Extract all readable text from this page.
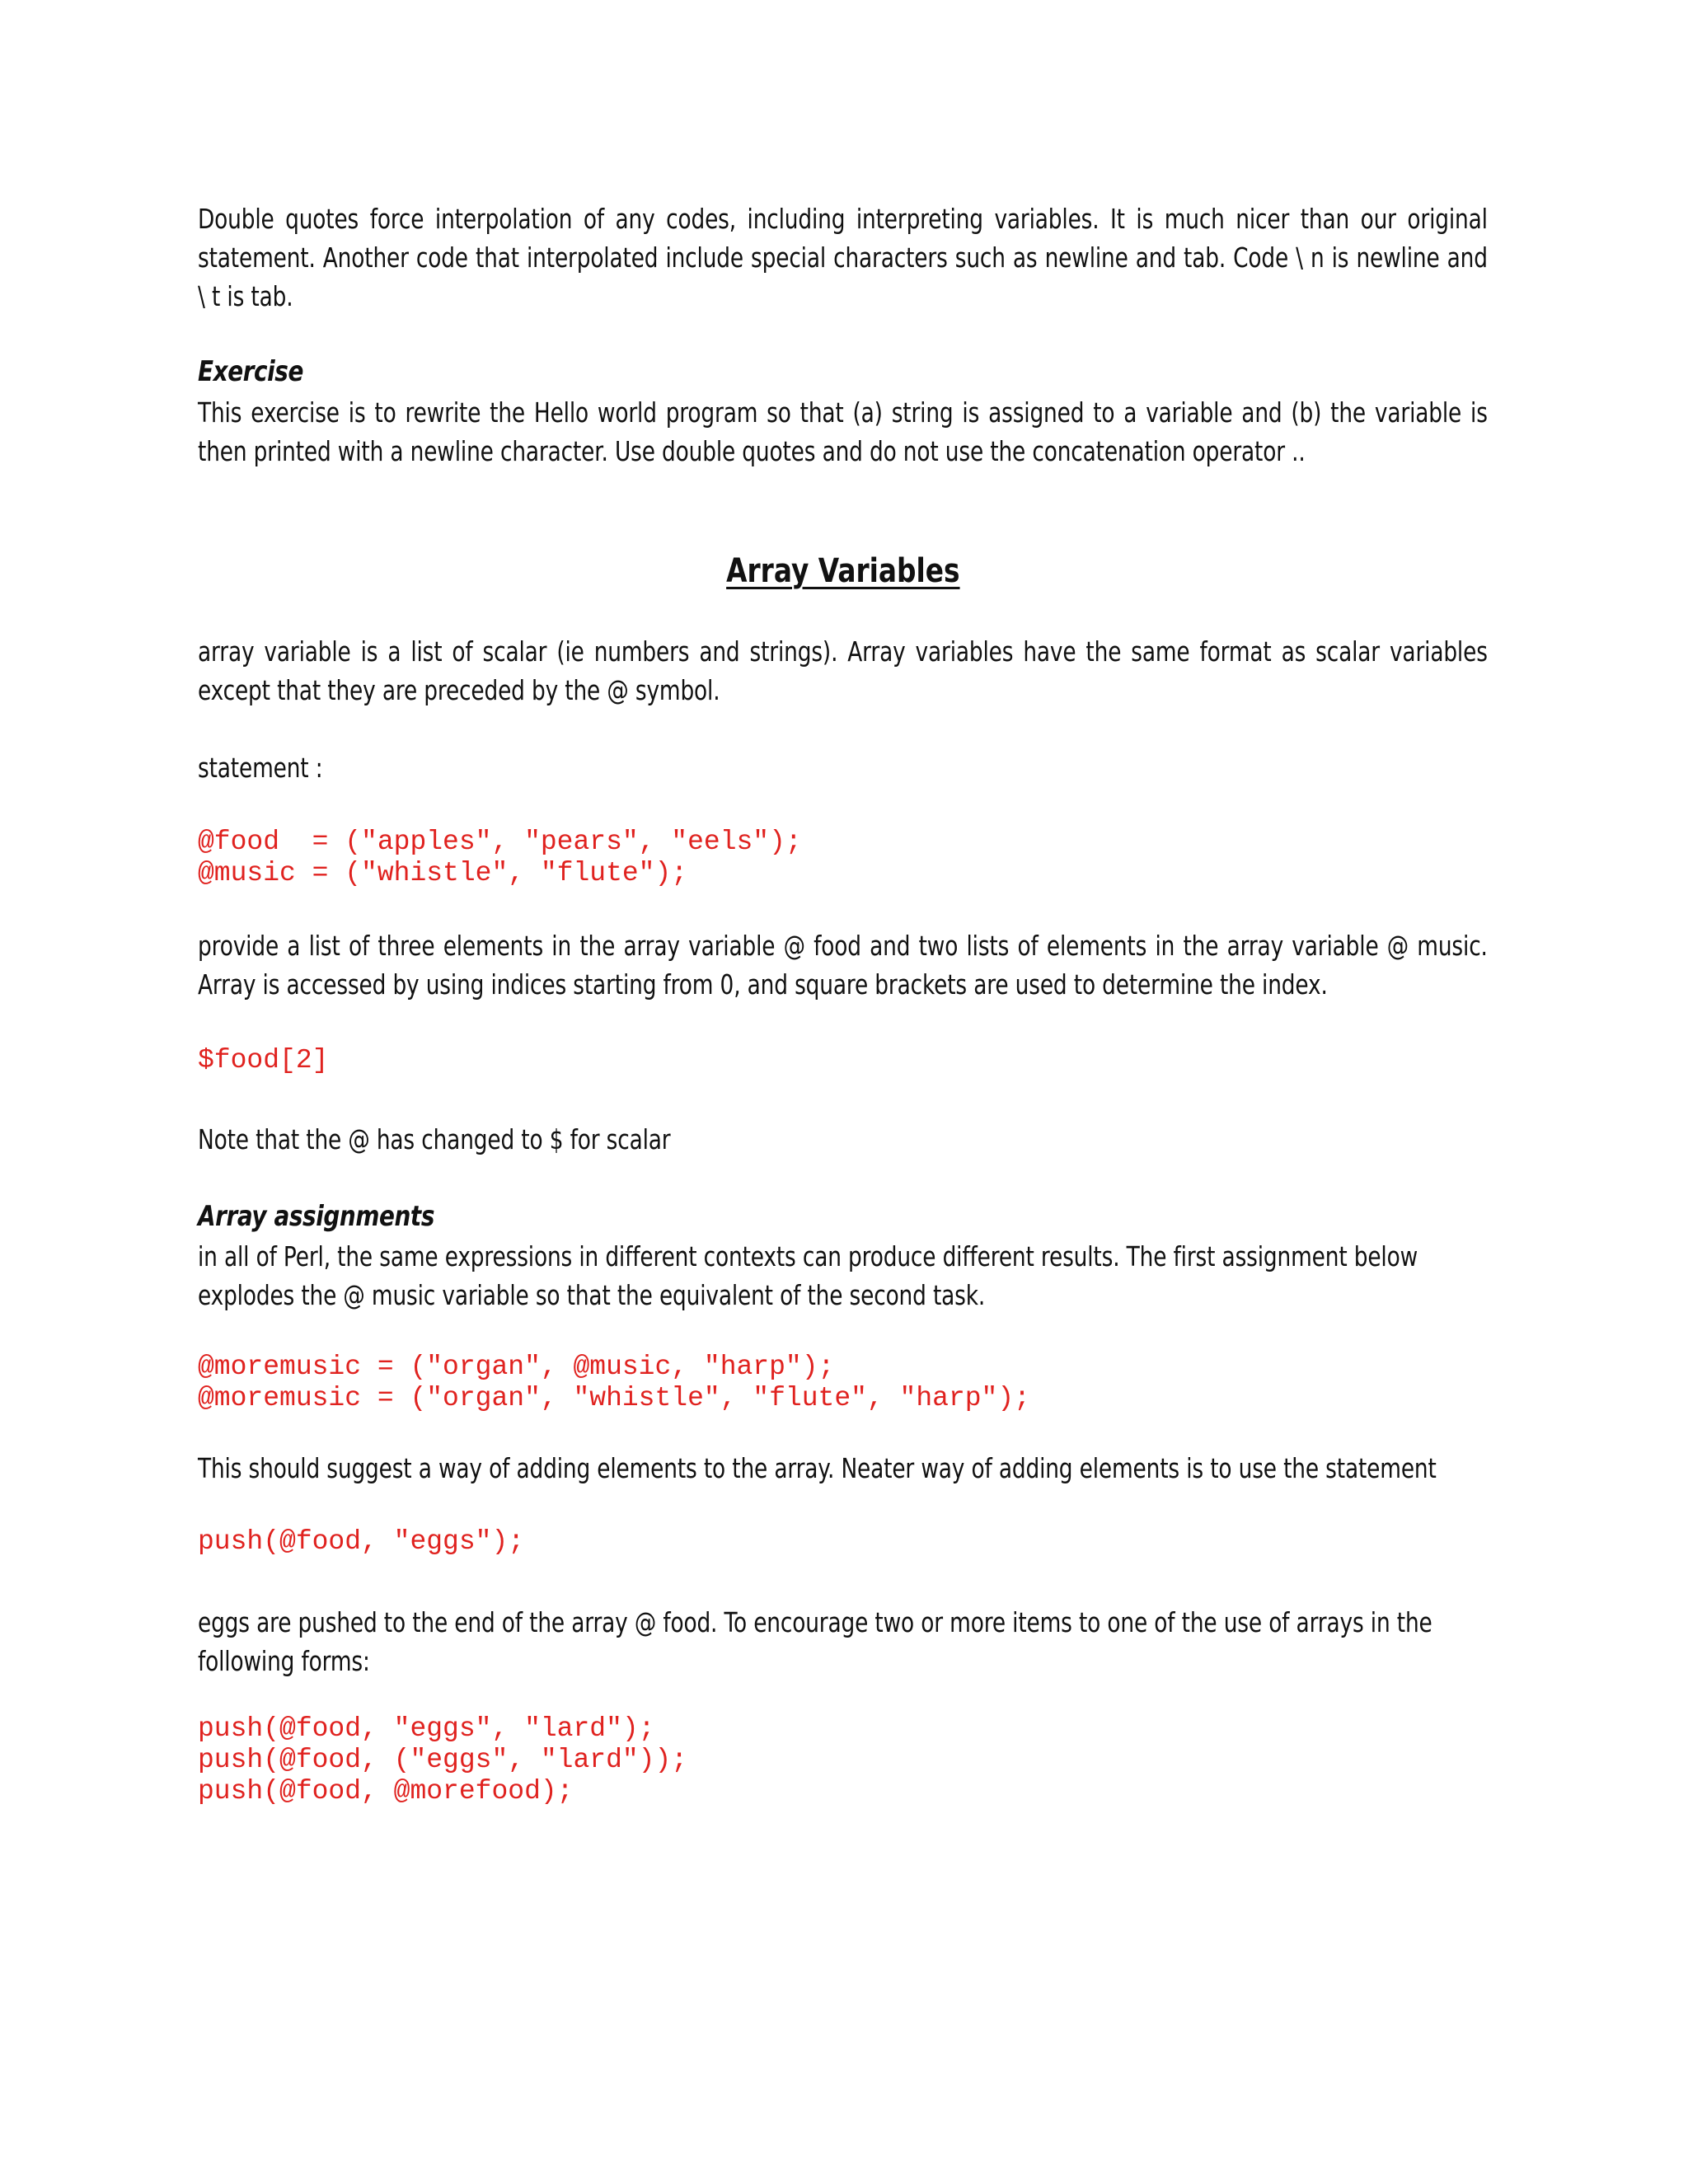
Double quotes force interpolation of any codes, including interpreting variables. It is much nicer than our original statement. Another code that interpolated include special characters such as newline and tab. Code \ n is newline and \ t is tab.

Exercise

This exercise is to rewrite the Hello world program so that (a) string is assigned to a variable and (b) the variable is then printed with a newline character. Use double quotes and do not use the concatenation operator ..

Array Variables

array variable is a list of scalar (ie numbers and strings). Array variables have the same format as scalar variables except that they are preceded by the @ symbol.

statement :

@food  = ("apples", "pears", "eels");
@music = ("whistle", "flute");

provide a list of three elements in the array variable @ food and two lists of elements in the array variable @ music. Array is accessed by using indices starting from 0, and square brackets are used to determine the index.

$food[2]

Note that the @ has changed to $ for scalar

Array assignments

in all of Perl, the same expressions in different contexts can produce different results. The first assignment below explodes the @ music variable so that the equivalent of the second task.

@moremusic = ("organ", @music, "harp");
@moremusic = ("organ", "whistle", "flute", "harp");

This should suggest a way of adding elements to the array. Neater way of adding elements is to use the statement

push(@food, "eggs");

eggs are pushed to the end of the array @ food. To encourage two or more items to one of the use of arrays in the following forms:

push(@food, "eggs", "lard");
push(@food, ("eggs", "lard"));
push(@food, @morefood);
